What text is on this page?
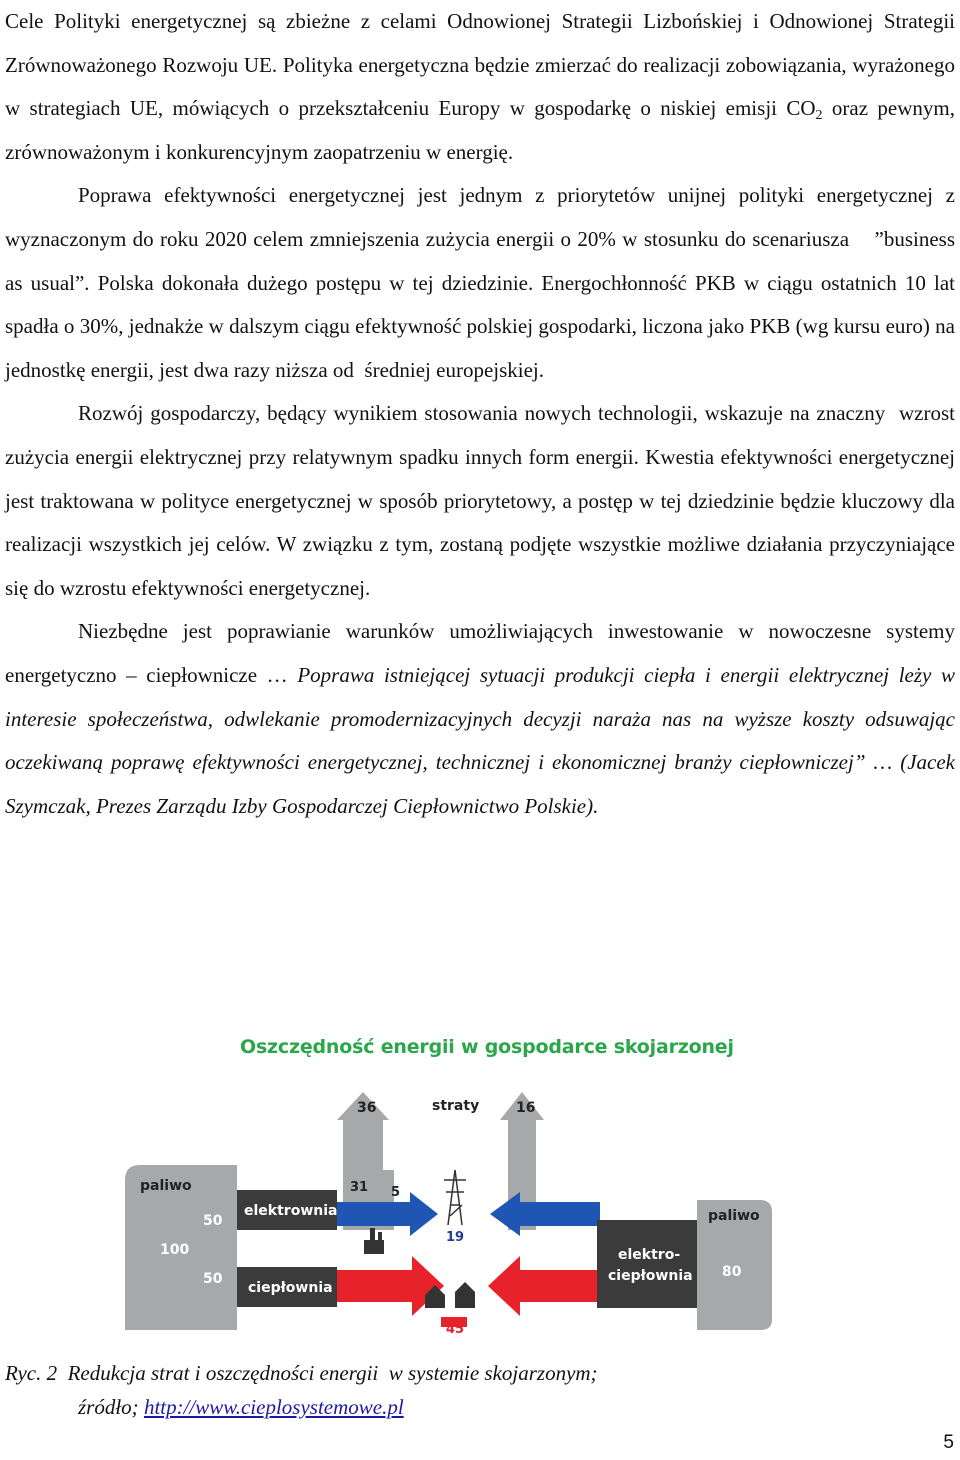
Cele Polityki energetycznej są zbieżne z celami Odnowionej Strategii Lizbońskiej i Odnowionej Strategii Zrównoważonego Rozwoju UE. Polityka energetyczna będzie zmierzać do realizacji zobowiązania, wyrażonego w strategiach UE, mówiących o przekształceniu Europy w gospodarkę o niskiej emisji $CO_2$ oraz pewnym, zrównoważonym i konkurencyjnym zaopatrzeniu w energię.

Poprawa efektywności energetycznej jest jednym z priorytetów unijnej polityki energetycznej z wyznaczonym do roku 2020 celem zmniejszenia zużycia energii o 20% w stosunku do scenariusza    ”business as usual”. Polska dokonała dużego postępu w tej dziedzinie. Energochłonność PKB w ciągu ostatnich 10 lat spadła o 30%, jednakże w dalszym ciągu efektywność polskiej gospodarki, liczona jako PKB (wg kursu euro) na jednostkę energii, jest dwa razy niższa od  średniej europejskiej.

Rozwój gospodarczy, będący wynikiem stosowania nowych technologii, wskazuje na znaczny  wzrost zużycia energii elektrycznej przy relatywnym spadku innych form energii. Kwestia efektywności energetycznej jest traktowana w polityce energetycznej w sposób priorytetowy, a postęp w tej dziedzinie będzie kluczowy dla realizacji wszystkich jej celów. W związku z tym, zostaną podjęte wszystkie możliwe działania przyczyniające się do wzrostu efektywności energetycznej.

Niezbędne jest poprawianie warunków umożliwiających inwestowanie w nowoczesne systemy energetyczno – ciepłownicze … Poprawa istniejącej sytuacji produkcji ciepła i energii elektrycznej leży w interesie społeczeństwa, odwlekanie promodernizacyjnych decyzji naraża nas na wyższe koszty odsuwając oczekiwaną poprawę efektywności energetycznej, technicznej i ekonomicznej branży ciepłowniczej” … (Jacek Szymczak, Prezes Zarządu Izby Gospodarczej Ciepłownictwo Polskie).

Oszczędność energii w gospodarce skojarzonej
straty
36	16
31 5
paliwo
50
100
50
elektrownia
ciepłownia
19
45
elektro-
ciepłownia
paliwo
80
Ryc. 2  Redukcja strat i oszczędności energii  w systemie skojarzonym;
źródło; http://www.cieplosystemowe.pl
5
